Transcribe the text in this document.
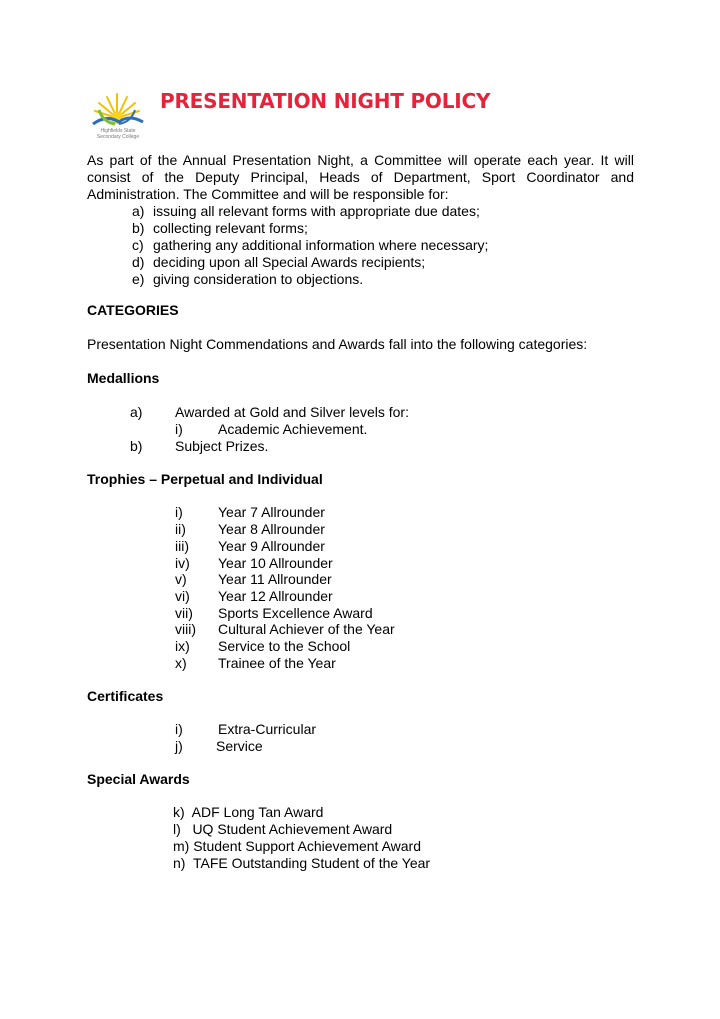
Highfields State Secondary College
PRESENTATION NIGHT POLICY

As part of the Annual Presentation Night, a Committee will operate each year. It will consist of the Deputy Principal, Heads of Department, Sport Coordinator and Administration. The Committee and will be responsible for:

a) issuing all relevant forms with appropriate due dates;
b) collecting relevant forms;
c) gathering any additional information where necessary;
d) deciding upon all Special Awards recipients;
e) giving consideration to objections.
CATEGORIES
Presentation Night Commendations and Awards fall into the following categories:
Medallions
a) Awarded at Gold and Silver levels for:
i)	Academic Achievement.
b) Subject Prizes.
Trophies – Perpetual and Individual
i)	Year 7 Allrounder
ii) Year 8 Allrounder
iii) Year 9 Allrounder
iv) Year 10 Allrounder
v) Year 11 Allrounder
vi) Year 12 Allrounder
vii) Sports Excellence Award
viii) Cultural Achiever of the Year
ix) Service to the School
x) Trainee of the Year
Certificates
i)	Extra-Curricular
j) Service
Special Awards
k)  ADF Long Tan Award
l)   UQ Student Achievement Award
m) Student Support Achievement Award
n)  TAFE Outstanding Student of the Year
